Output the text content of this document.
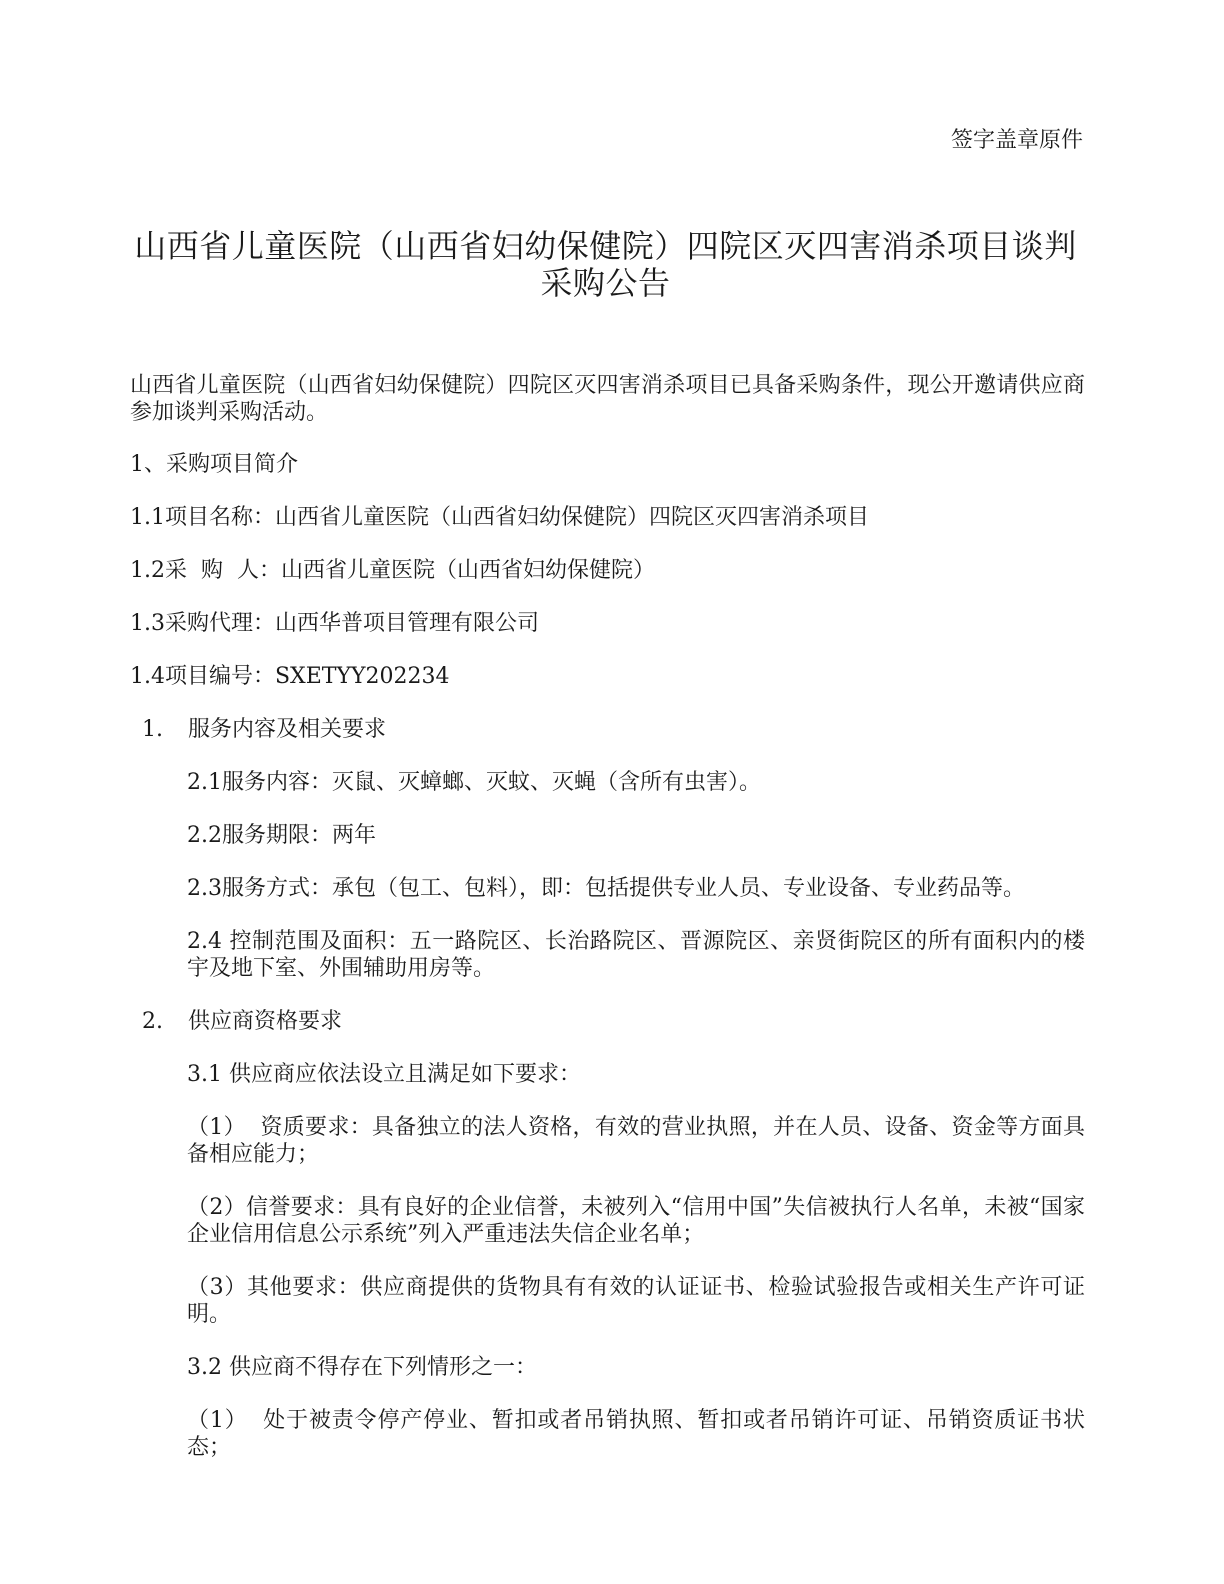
签字盖章原件

山西省儿童医院（山西省妇幼保健院）四院区灭四害消杀项目谈判采购公告

山西省儿童医院（山西省妇幼保健院）四院区灭四害消杀项目已具备采购条件，现公开邀请供应商参加谈判采购活动。

1、采购项目简介

1.1项目名称：山西省儿童医院（山西省妇幼保健院）四院区灭四害消杀项目

1.2采  购  人：山西省儿童医院（山西省妇幼保健院）

1.3采购代理：山西华普项目管理有限公司

1.4项目编号：SXETYY202234

1. 服务内容及相关要求

2.1服务内容：灭鼠、灭蟑螂、灭蚊、灭蝇（含所有虫害）。

2.2服务期限：两年

2.3服务方式：承包（包工、包料），即：包括提供专业人员、专业设备、专业药品等。

2.4 控制范围及面积：五一路院区、长治路院区、晋源院区、亲贤街院区的所有面积内的楼宇及地下室、外围辅助用房等。

2. 供应商资格要求

3.1 供应商应依法设立且满足如下要求：

（1）  资质要求：具备独立的法人资格，有效的营业执照，并在人员、设备、资金等方面具备相应能力；

（2）信誉要求：具有良好的企业信誉，未被列入“信用中国”失信被执行人名单，未被“国家企业信用信息公示系统”列入严重违法失信企业名单；

（3）其他要求：供应商提供的货物具有有效的认证证书、检验试验报告或相关生产许可证明。

3.2 供应商不得存在下列情形之一：

（1）  处于被责令停产停业、暂扣或者吊销执照、暂扣或者吊销许可证、吊销资质证书状态；
